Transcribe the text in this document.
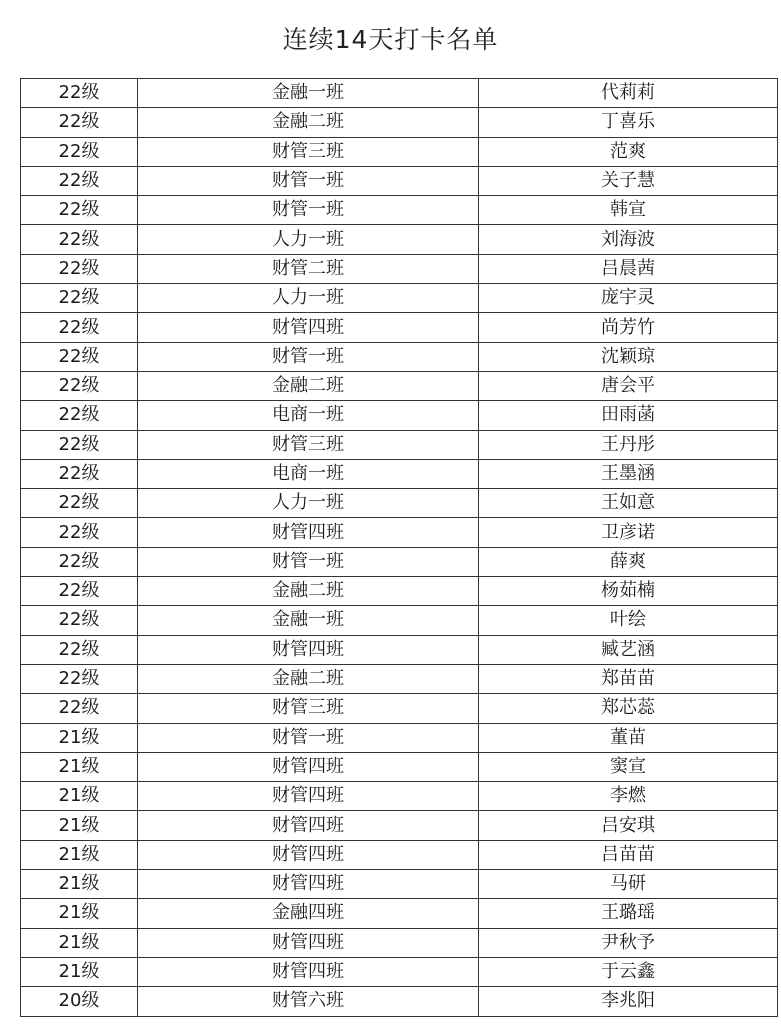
连续14天打卡名单
22级	金融一班	代莉莉
22级	金融二班	丁喜乐
22级	财管三班	范爽
22级	财管一班	关子慧
22级	财管一班	韩宣
22级	人力一班	刘海波
22级	财管二班	吕晨茜
22级	人力一班	庞宇灵
22级	财管四班	尚芳竹
22级	财管一班	沈颖琼
22级	金融二班	唐会平
22级	电商一班	田雨菡
22级	财管三班	王丹彤
22级	电商一班	王墨涵
22级	人力一班	王如意
22级	财管四班	卫彦诺
22级	财管一班	薛爽
22级	金融二班	杨茹楠
22级	金融一班	叶绘
22级	财管四班	臧艺涵
22级	金融二班	郑苗苗
22级	财管三班	郑芯蕊
21级	财管一班	董苗
21级	财管四班	窦宣
21级	财管四班	李燃
21级	财管四班	吕安琪
21级	财管四班	吕苗苗
21级	财管四班	马研
21级	金融四班	王璐瑶
21级	财管四班	尹秋予
21级	财管四班	于云鑫
20级	财管六班	李兆阳
